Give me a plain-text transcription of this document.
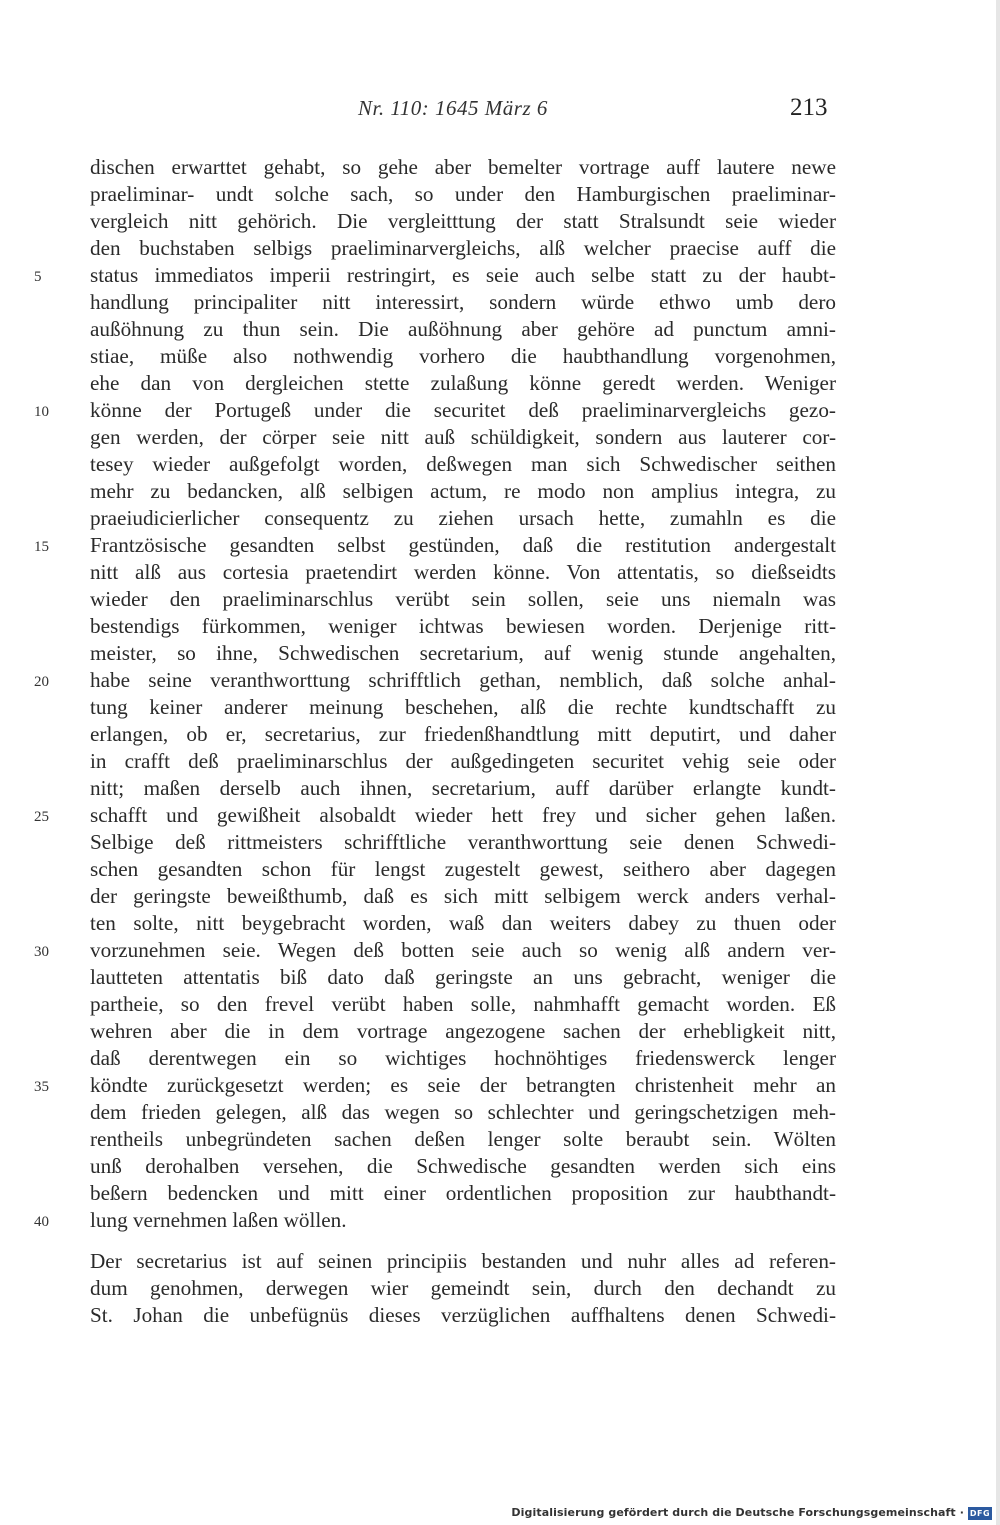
Nr. 110: 1645 März 6	213
dischen erwarttet gehabt, so gehe aber bemelter vortrage auff lautere newe
praeliminar- undt solche sach, so under den Hamburgischen praeliminar-
vergleich nitt gehörich. Die vergleitttung der statt Stralsundt seie wieder
den buchstaben selbigs praeliminarvergleichs, alß welcher praecise auff die
5	status immediatos imperii restringirt, es seie auch selbe statt zu der haubt-
handlung principaliter nitt interessirt, sondern würde ethwo umb dero
außöhnung zu thun sein. Die außöhnung aber gehöre ad punctum amni-
stiae, müße also nothwendig vorhero die haubthandlung vorgenohmen,
ehe dan von dergleichen stette zulaßung könne geredt werden. Weniger
10	könne der Portugeß under die securitet deß praeliminarvergleichs gezo-
gen werden, der cörper seie nitt auß schüldigkeit, sondern aus lauterer cor-
tesey wieder außgefolgt worden, deßwegen man sich Schwedischer seithen
mehr zu bedancken, alß selbigen actum, re modo non amplius integra, zu
praeiudicierlicher consequentz zu ziehen ursach hette, zumahln es die
15	Frantzösische gesandten selbst gestünden, daß die restitution andergestalt
nitt alß aus cortesia praetendirt werden könne. Von attentatis, so dießseidts
wieder den praeliminarschlus verübt sein sollen, seie uns niemaln was
bestendigs fürkommen, weniger ichtwas bewiesen worden. Derjenige ritt-
meister, so ihne, Schwedischen secretarium, auf wenig stunde angehalten,
20	habe seine veranthworttung schrifftlich gethan, nemblich, daß solche anhal-
tung keiner anderer meinung beschehen, alß die rechte kundtschafft zu
erlangen, ob er, secretarius, zur friedenßhandtlung mitt deputirt, und daher
in crafft deß praeliminarschlus der außgedingeten securitet vehig seie oder
nitt; maßen derselb auch ihnen, secretarium, auff darüber erlangte kundt-
25	schafft und gewißheit alsobaldt wieder hett frey und sicher gehen laßen.
Selbige deß rittmeisters schrifftliche veranthworttung seie denen Schwedi-
schen gesandten schon für lengst zugestelt gewest, seithero aber dagegen
der geringste beweißthumb, daß es sich mitt selbigem werck anders verhal-
ten solte, nitt beygebracht worden, waß dan weiters dabey zu thuen oder
30	vorzunehmen seie. Wegen deß botten seie auch so wenig alß andern ver-
lautteten attentatis biß dato daß geringste an uns gebracht, weniger die
partheie, so den frevel verübt haben solle, nahmhafft gemacht worden. Eß
wehren aber die in dem vortrage angezogene sachen der erhebligkeit nitt,
daß derentwegen ein so wichtiges hochnöhtiges friedenswerck lenger
35	köndte zurückgesetzt werden; es seie der betrangten christenheit mehr an
dem frieden gelegen, alß das wegen so schlechter und geringschetzigen meh-
rentheils unbegründeten sachen deßen lenger solte beraubt sein. Wölten
unß derohalben versehen, die Schwedische gesandten werden sich eins
beßern bedencken und mitt einer ordentlichen proposition zur haubthandt-
40	lung vernehmen laßen wöllen.
Der secretarius ist auf seinen principiis bestanden und nuhr alles ad referen-
dum genohmen, derwegen wier gemeindt sein, durch den dechandt zu
St. Johan die unbefügnüs dieses verzüglichen auffhaltens denen Schwedi-
Digitalisierung gefördert durch die Deutsche Forschungsgemeinschaft · DFG
